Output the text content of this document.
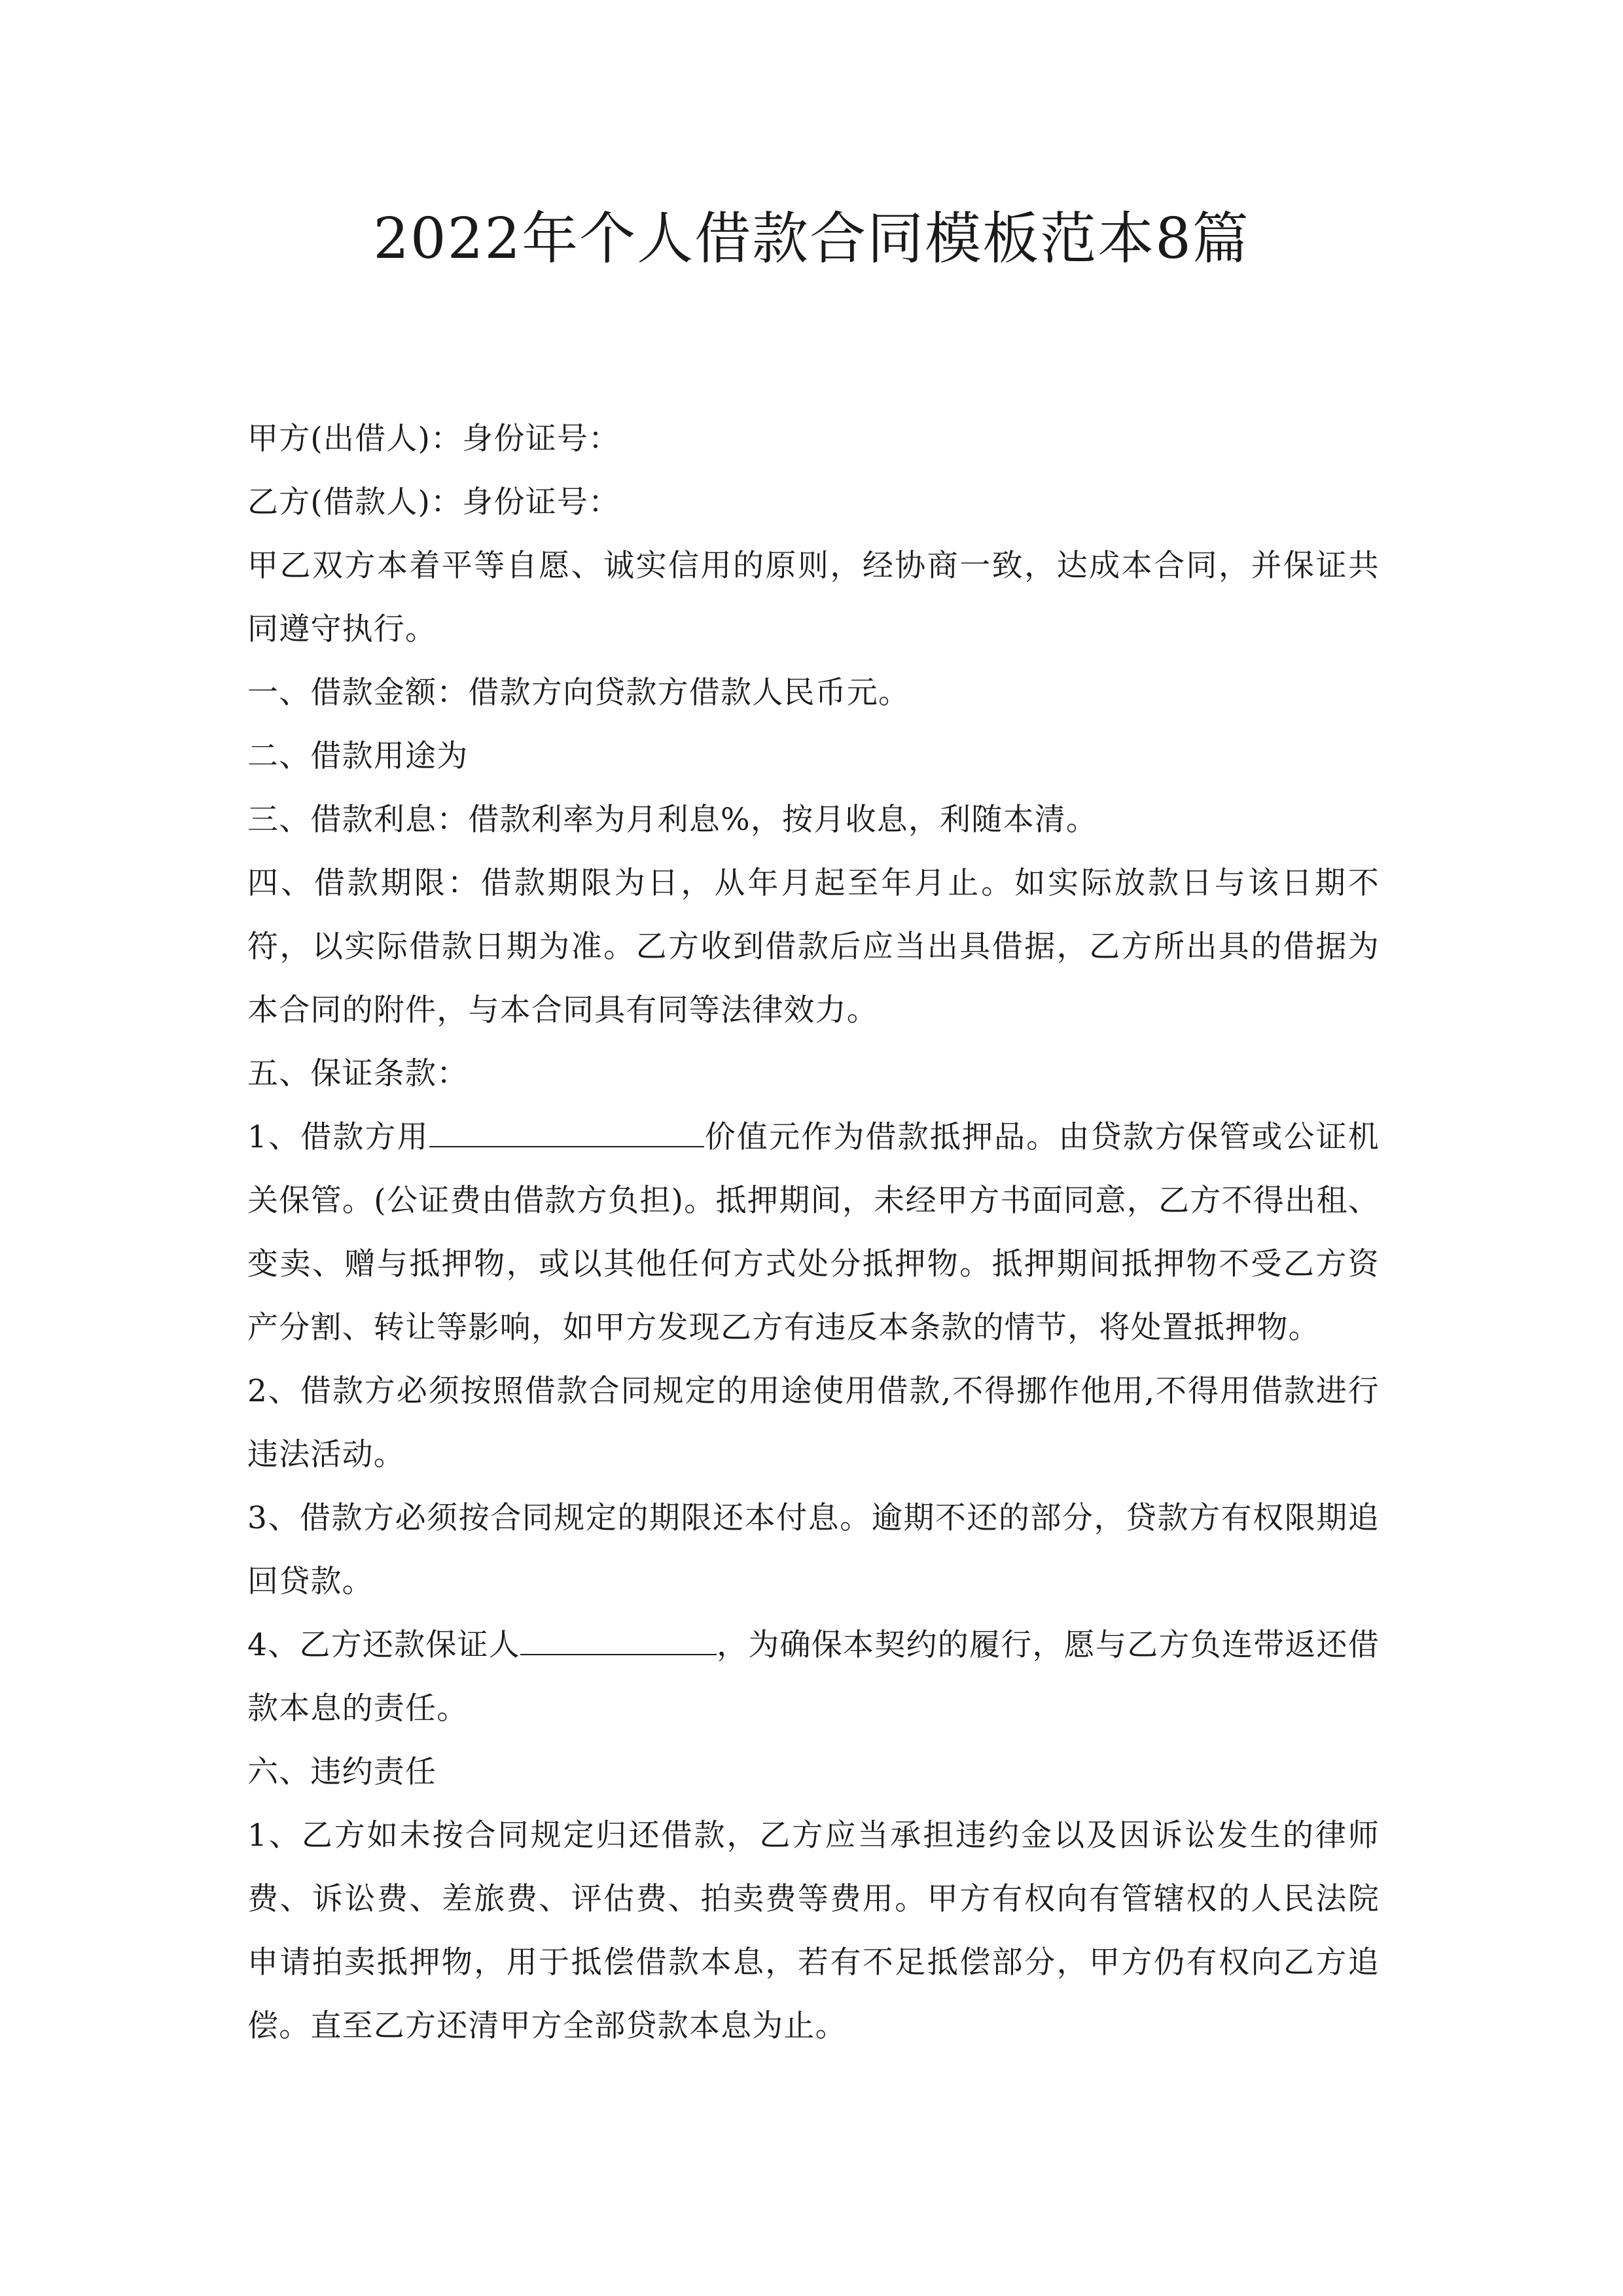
2022年个人借款合同模板范本8篇

甲方(出借人)：身份证号：

乙方(借款人)：身份证号：

甲乙双方本着平等自愿、诚实信用的原则，经协商一致，达成本合同，并保证共同遵守执行。

一、借款金额：借款方向贷款方借款人民币元。

二、借款用途为

三、借款利息：借款利率为月利息%，按月收息，利随本清。

四、借款期限：借款期限为日，从年月起至年月止。如实际放款日与该日期不符，以实际借款日期为准。乙方收到借款后应当出具借据，乙方所出具的借据为本合同的附件，与本合同具有同等法律效力。

五、保证条款：

1、借款方用	价值元作为借款抵押品。由贷款方保管或公证机关保管。(公证费由借款方负担)。抵押期间，未经甲方书面同意，乙方不得出租、变卖、赠与抵押物，或以其他任何方式处分抵押物。抵押期间抵押物不受乙方资产分割、转让等影响，如甲方发现乙方有违反本条款的情节，将处置抵押物。

2、借款方必须按照借款合同规定的用途使用借款,不得挪作他用,不得用借款进行违法活动。

3、借款方必须按合同规定的期限还本付息。逾期不还的部分，贷款方有权限期追回贷款。

4、乙方还款保证人	，为确保本契约的履行，愿与乙方负连带返还借款本息的责任。

六、违约责任

1、乙方如未按合同规定归还借款，乙方应当承担违约金以及因诉讼发生的律师费、诉讼费、差旅费、评估费、拍卖费等费用。甲方有权向有管辖权的人民法院申请拍卖抵押物，用于抵偿借款本息，若有不足抵偿部分，甲方仍有权向乙方追偿。直至乙方还清甲方全部贷款本息为止。
